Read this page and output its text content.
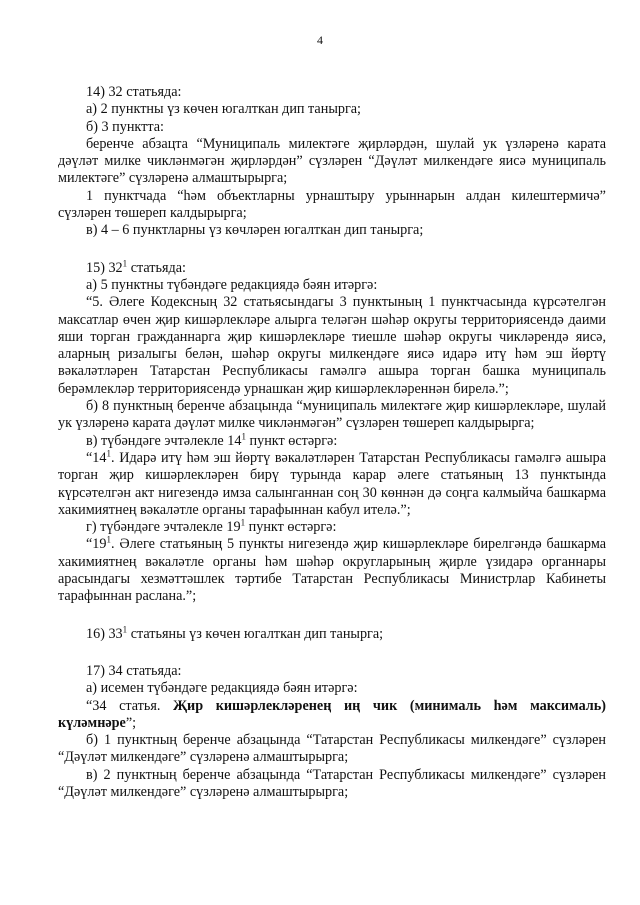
4

14) 32 статьяда:

а) 2 пунктны үз көчен югалткан дип танырга;

б) 3 пунктта:

беренче абзацта “Муниципаль милектәге җирләрдән, шулай ук үзләренә карата дәүләт милке чикләнмәгән җирләрдән” сүзләрен “Дәүләт милкендәге яисә муниципаль милектәге” сүзләренә алмаштырырга;

1 пунктчада “һәм объектларны урнаштыру урыннарын алдан килештермичә” сүзләрен төшереп калдырырга;

в) 4 – 6 пунктларны үз көчләрен югалткан дип танырга;

15) $32^1$ статьяда:

а) 5 пунктны түбәндәге редакциядә бәян итәргә:

“5. Әлеге Кодексның 32 статьясындагы 3 пунктының 1 пунктчасында күрсәтелгән максатлар өчен җир кишәрлекләре алырга теләгән шәһәр округы территориясендә даими яши торган гражданнарга җир кишәрлекләре тиешле шәһәр округы чикләрендә яисә, аларның ризалыгы белән, шәһәр округы милкендәге яисә идарә итү һәм эш йөртү вәкаләтләрен Татарстан Республикасы гамәлгә ашыра торган башка муниципаль берәмлекләр территориясендә урнашкан җир кишәрлекләреннән бирелә.”;

б) 8 пунктның беренче абзацында “муниципаль милектәге җир кишәрлекләре, шулай ук үзләренә карата дәүләт милке чикләнмәгән” сүзләрен төшереп калдырырга;

в) түбәндәге эчтәлекле $14^1$ пункт өстәргә:

“$14^1$. Идарә итү һәм эш йөртү вәкаләтләрен Татарстан Республикасы гамәлгә ашыра торган җир кишәрлекләрен бирү турында карар әлеге статьяның 13 пунктында күрсәтелгән акт нигезендә имза салынганнан соң 30 көннән дә соңга калмыйча башкарма хакимиятнең вәкаләтле органы тарафыннан кабул ителә.”;

г) түбәндәге эчтәлекле $19^1$ пункт өстәргә:

“$19^1$. Әлеге статьяның 5 пункты нигезендә җир кишәрлекләре бирелгәндә башкарма хакимиятнең вәкаләтле органы һәм шәһәр округларының җирле үзидарә органнары арасындагы хезмәттәшлек тәртибе Татарстан Республикасы Министрлар Кабинеты тарафыннан раслана.”;

16) $33^1$ статьяны үз көчен югалткан дип танырга;

17) 34 статьяда:

а) исемен түбәндәге редакциядә бәян итәргә:

“34 статья. Җир кишәрлекләренең иң чик (минималь һәм максималь) күләмнәре”;

б) 1 пунктның беренче абзацында “Татарстан Республикасы милкендәге” сүзләрен “Дәүләт милкендәге” сүзләренә алмаштырырга;

в) 2 пунктның беренче абзацында “Татарстан Республикасы милкендәге” сүзләрен “Дәүләт милкендәге” сүзләренә алмаштырырга;
